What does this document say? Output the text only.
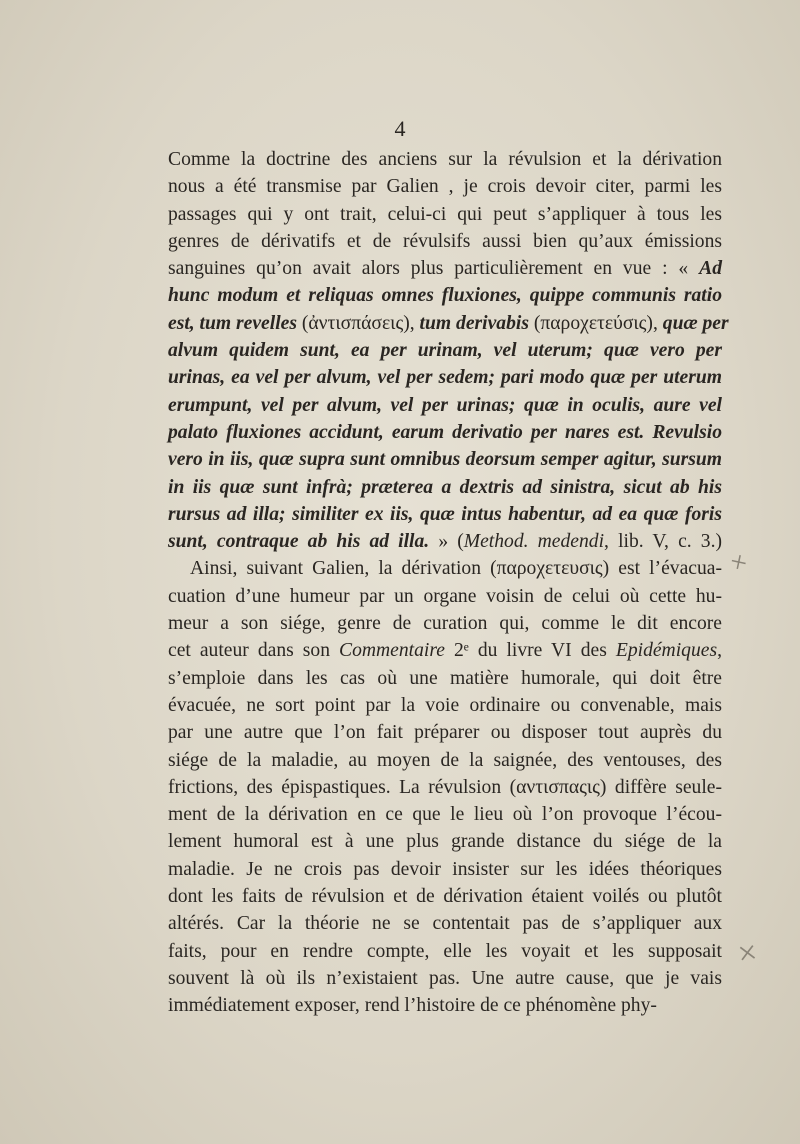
4
Comme la doctrine des anciens sur la révulsion et la dérivation
nous a été transmise par Galien , je crois devoir citer, parmi les
passages qui y ont trait, celui-ci qui peut s’appliquer à tous les
genres de dérivatifs et de révulsifs aussi bien qu’aux émissions
sanguines qu’on avait alors plus particulièrement en vue : « Ad
hunc modum et reliquas omnes fluxiones, quippe communis ratio
est, tum revelles (ἀντισπάσεις), tum derivabis (παροχετεύσις), quæ per
alvum quidem sunt, ea per urinam, vel uterum; quæ vero per
urinas, ea vel per alvum, vel per sedem; pari modo quæ per uterum
erumpunt, vel per alvum, vel per urinas; quæ in oculis, aure vel
palato fluxiones accidunt, earum derivatio per nares est. Revulsio
vero in iis, quæ supra sunt omnibus deorsum semper agitur, sursum
in iis quæ sunt infrà; præterea a dextris ad sinistra, sicut ab his
rursus ad illa; similiter ex iis, quæ intus habentur, ad ea quæ foris
sunt, contraque ab his ad illa. » (Method. medendi, lib. V, c. 3.)
Ainsi, suivant Galien, la dérivation (παροχετευσις) est l’évacua-
cuation d’une humeur par un organe voisin de celui où cette hu-
meur a son siége, genre de curation qui, comme le dit encore
cet auteur dans son Commentaire 2ᵉ du livre VI des Epidémiques,
s’emploie dans les cas où une matière humorale, qui doit être
évacuée, ne sort point par la voie ordinaire ou convenable, mais
par une autre que l’on fait préparer ou disposer tout auprès du
siége de la maladie, au moyen de la saignée, des ventouses, des
frictions, des épispastiques. La révulsion (αντισπαςις) diffère seule-
ment de la dérivation en ce que le lieu où l’on provoque l’écou-
lement humoral est à une plus grande distance du siége de la
maladie. Je ne crois pas devoir insister sur les idées théoriques
dont les faits de révulsion et de dérivation étaient voilés ou plutôt
altérés. Car la théorie ne se contentait pas de s’appliquer aux
faits, pour en rendre compte, elle les voyait et les supposait
souvent là où ils n’existaient pas. Une autre cause, que je vais
immédiatement exposer, rend l’histoire de ce phénomène phy-
+
×
